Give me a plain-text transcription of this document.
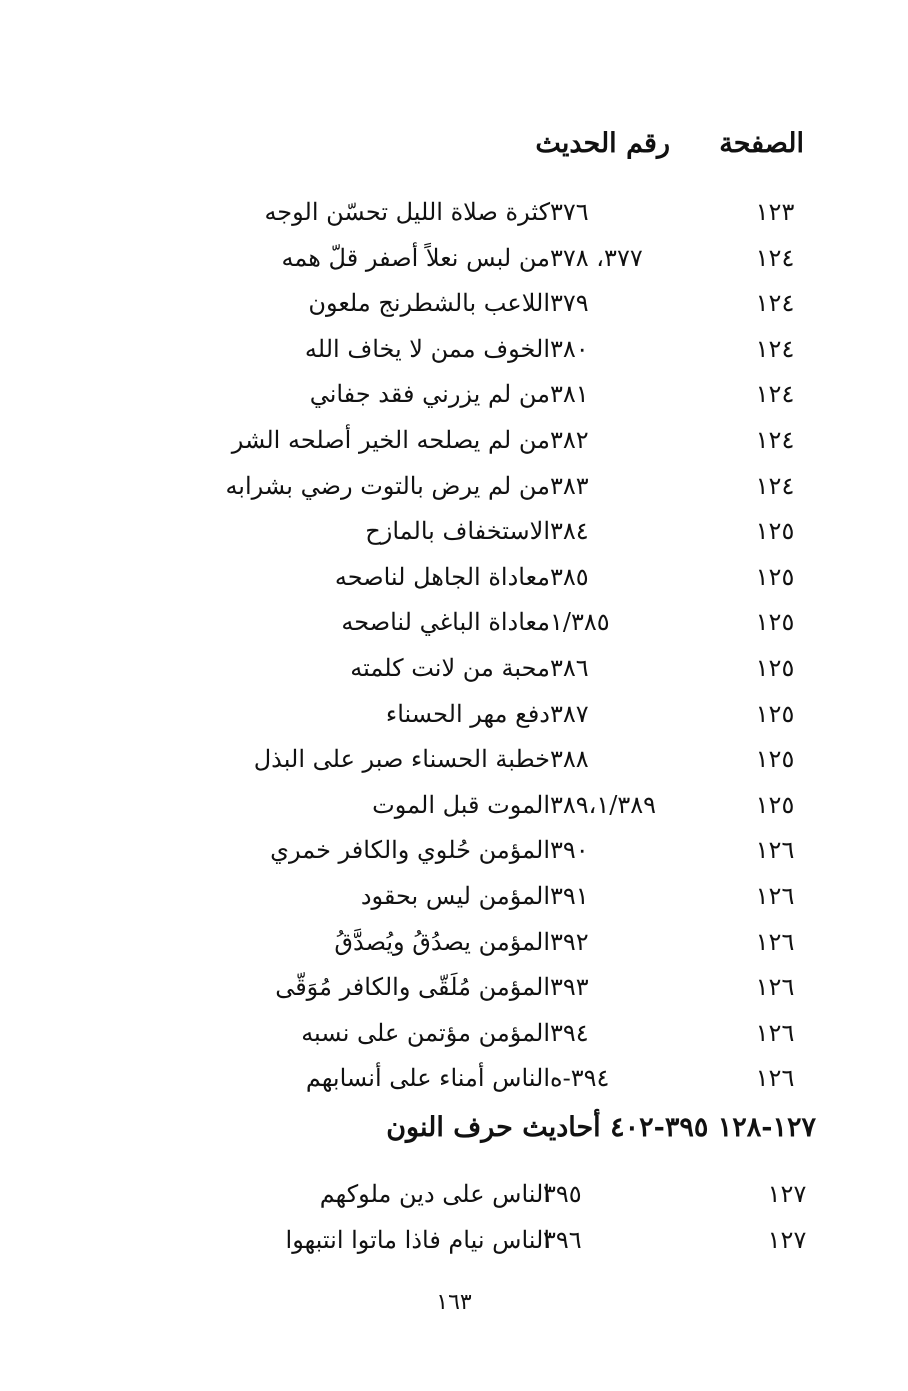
الصفحة
رقم الحديث
١٢٣
٣٧٦
كثرة صلاة الليل تحسّن الوجه
١٢٤
٣٧٧، ٣٧٨
من لبس نعلاً أصفر قلّ همه
١٢٤
٣٧٩
اللاعب بالشطرنج ملعون
١٢٤
٣٨٠
الخوف ممن لا يخاف الله
١٢٤
٣٨١
من لم يزرني فقد جفاني
١٢٤
٣٨٢
من لم يصلحه الخير أصلحه الشر
١٢٤
٣٨٣
من لم يرض بالتوت رضي بشرابه
١٢٥
٣٨٤
الاستخفاف بالمازح
١٢٥
٣٨٥
معاداة الجاهل لناصحه
١٢٥
١/٣٨٥
معاداة الباغي لناصحه
١٢٥
٣٨٦
محبة من لانت كلمته
١٢٥
٣٨٧
دفع مهر الحسناء
١٢٥
٣٨٨
خطبة الحسناء صبر على البذل
١٢٥
٣٨٩،١/٣٨٩
الموت قبل الموت
١٢٦
٣٩٠
المؤمن حُلوي والكافر خمري
١٢٦
٣٩١
المؤمن ليس بحقود
١٢٦
٣٩٢
المؤمن يصدُقُ ويُصدَّقُ
١٢٦
٣٩٣
المؤمن مُلَقّى والكافر مُوَقّى
١٢٦
٣٩٤
المؤمن مؤتمن على نسبه
١٢٦
٣٩٤-ه
الناس أمناء على أنسابهم
١٢٧-١٢٨ ٣٩٥-٤٠٢ أحاديث حرف النون
١٢٧
٣٩٥
الناس على دين ملوكهم
١٢٧
٣٩٦
الناس نيام فاذا ماتوا انتبهوا
١٦٣
